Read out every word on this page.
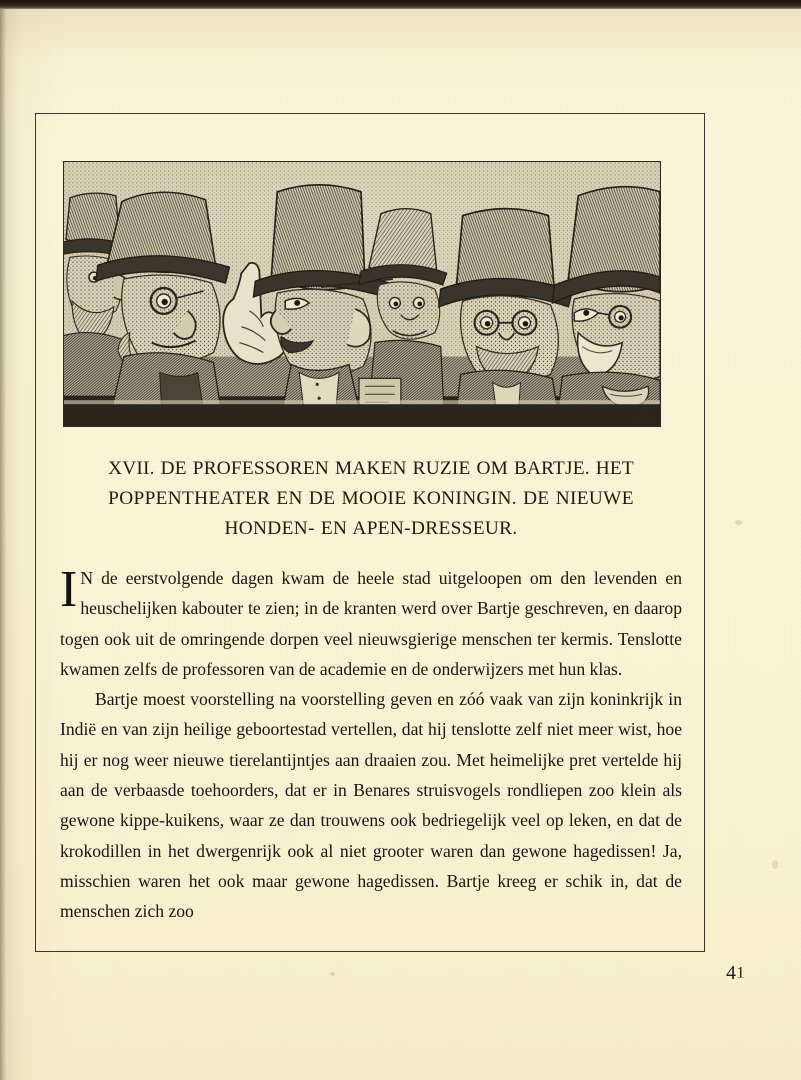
J·F
XVII. DE PROFESSOREN MAKEN RUZIE OM BARTJE. HET
POPPENTHEATER EN DE MOOIE KONINGIN. DE NIEUWE
HONDEN- EN APEN-DRESSEUR.

IN de eerstvolgende dagen kwam de heele stad uitgeloopen om den levenden en heuschelijken kabouter te zien; in de kranten werd over Bartje geschreven, en daarop togen ook uit de omringende dorpen veel nieuwsgierige menschen ter kermis. Tenslotte kwamen zelfs de professoren van de academie en de onderwijzers met hun klas.

Bartje moest voorstelling na voorstelling geven en zóó vaak van zijn koninkrijk in Indië en van zijn heilige geboortestad vertellen, dat hij tenslotte zelf niet meer wist, hoe hij er nog weer nieuwe tierelantijntjes aan draaien zou. Met heimelijke pret vertelde hij aan de verbaasde toehoorders, dat er in Benares struisvogels rondliepen zoo klein als gewone kippe-kuikens, waar ze dan trouwens ook bedriegelijk veel op leken, en dat de krokodillen in het dwergenrijk ook al niet grooter waren dan gewone hagedissen! Ja, misschien waren het ook maar gewone hagedissen. Bartje kreeg er schik in, dat de menschen zich zoo

41
